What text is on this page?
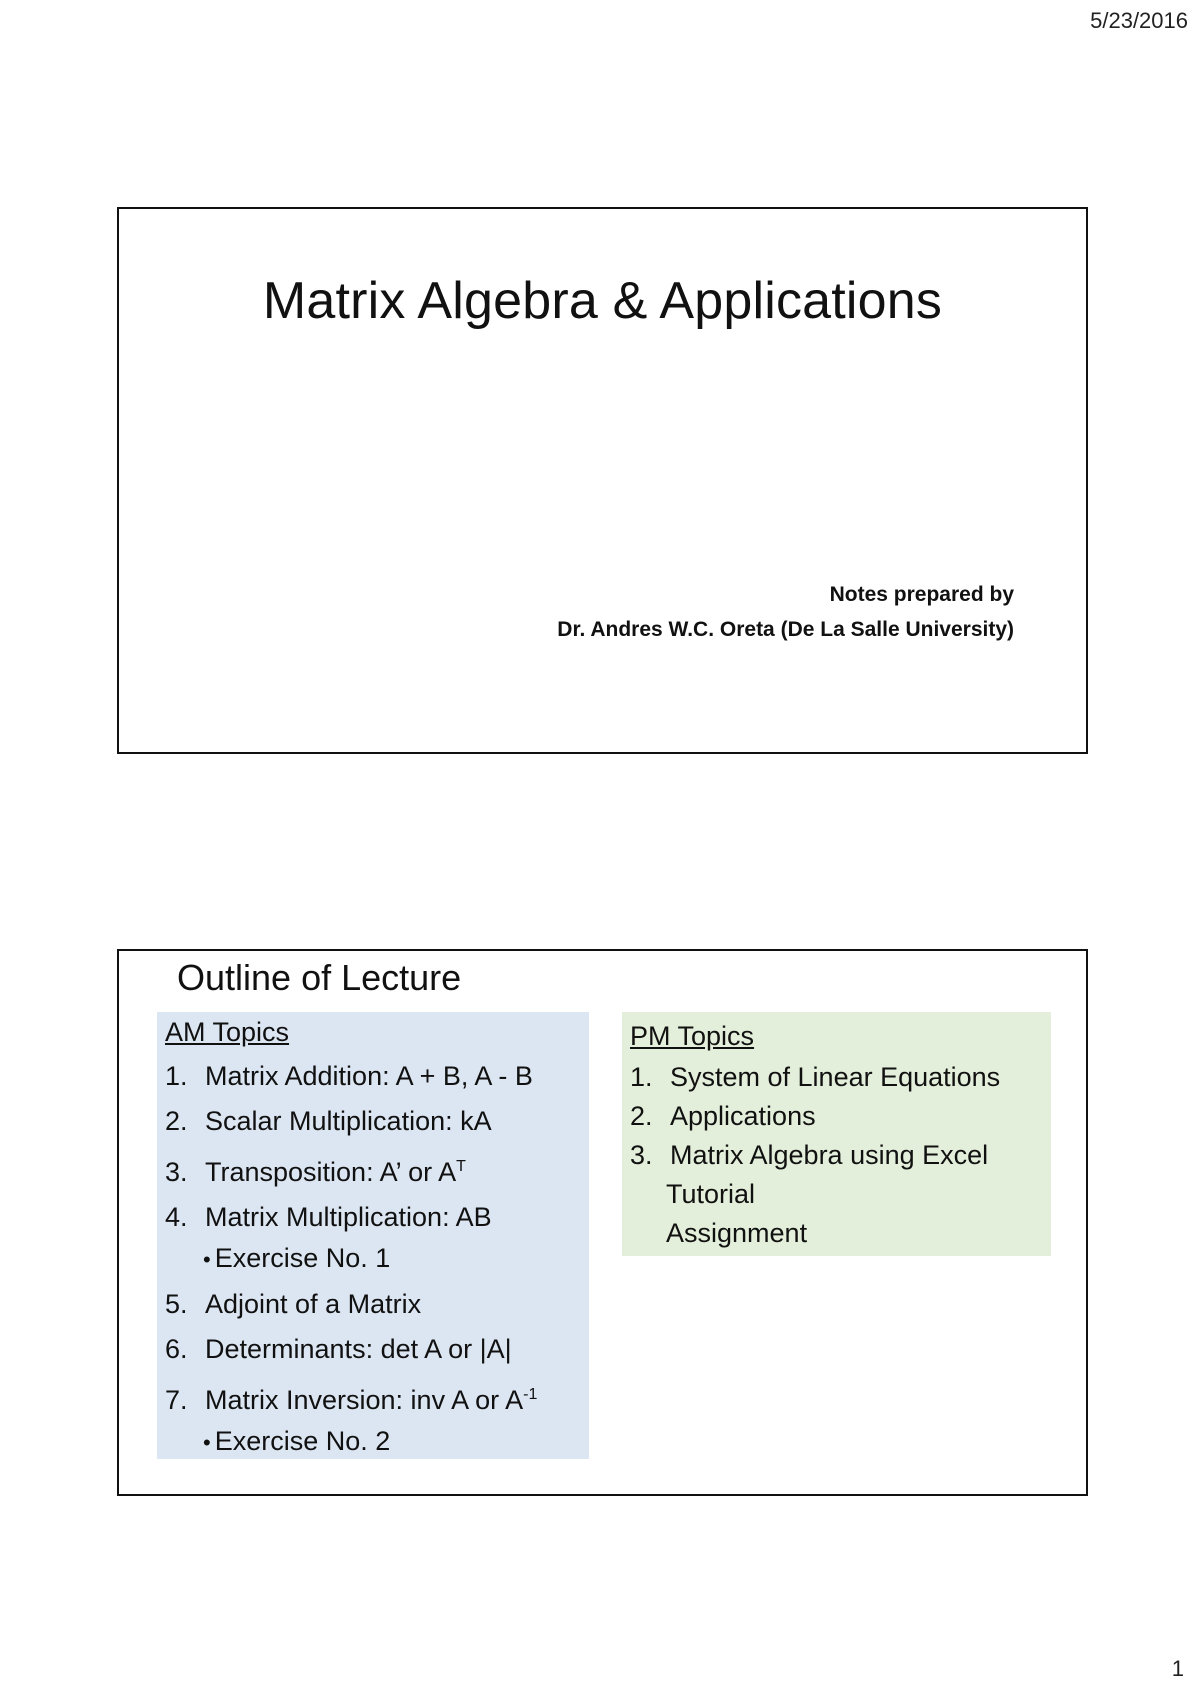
5/23/2016
Matrix Algebra & Applications
Notes prepared by
Dr. Andres W.C. Oreta (De La Salle University)
Outline of Lecture
AM Topics
1. Matrix Addition: A + B, A - B
2. Scalar Multiplication: kA
3. Transposition: A’ or $A^T$
4. Matrix Multiplication: AB
• Exercise No. 1
5. Adjoint of a Matrix
6. Determinants: det A or |A|
7. Matrix Inversion: inv A or $A^{-1}$
• Exercise No. 2
PM Topics
1. System of Linear Equations
2. Applications
3. Matrix Algebra using Excel
Tutorial
Assignment
1
